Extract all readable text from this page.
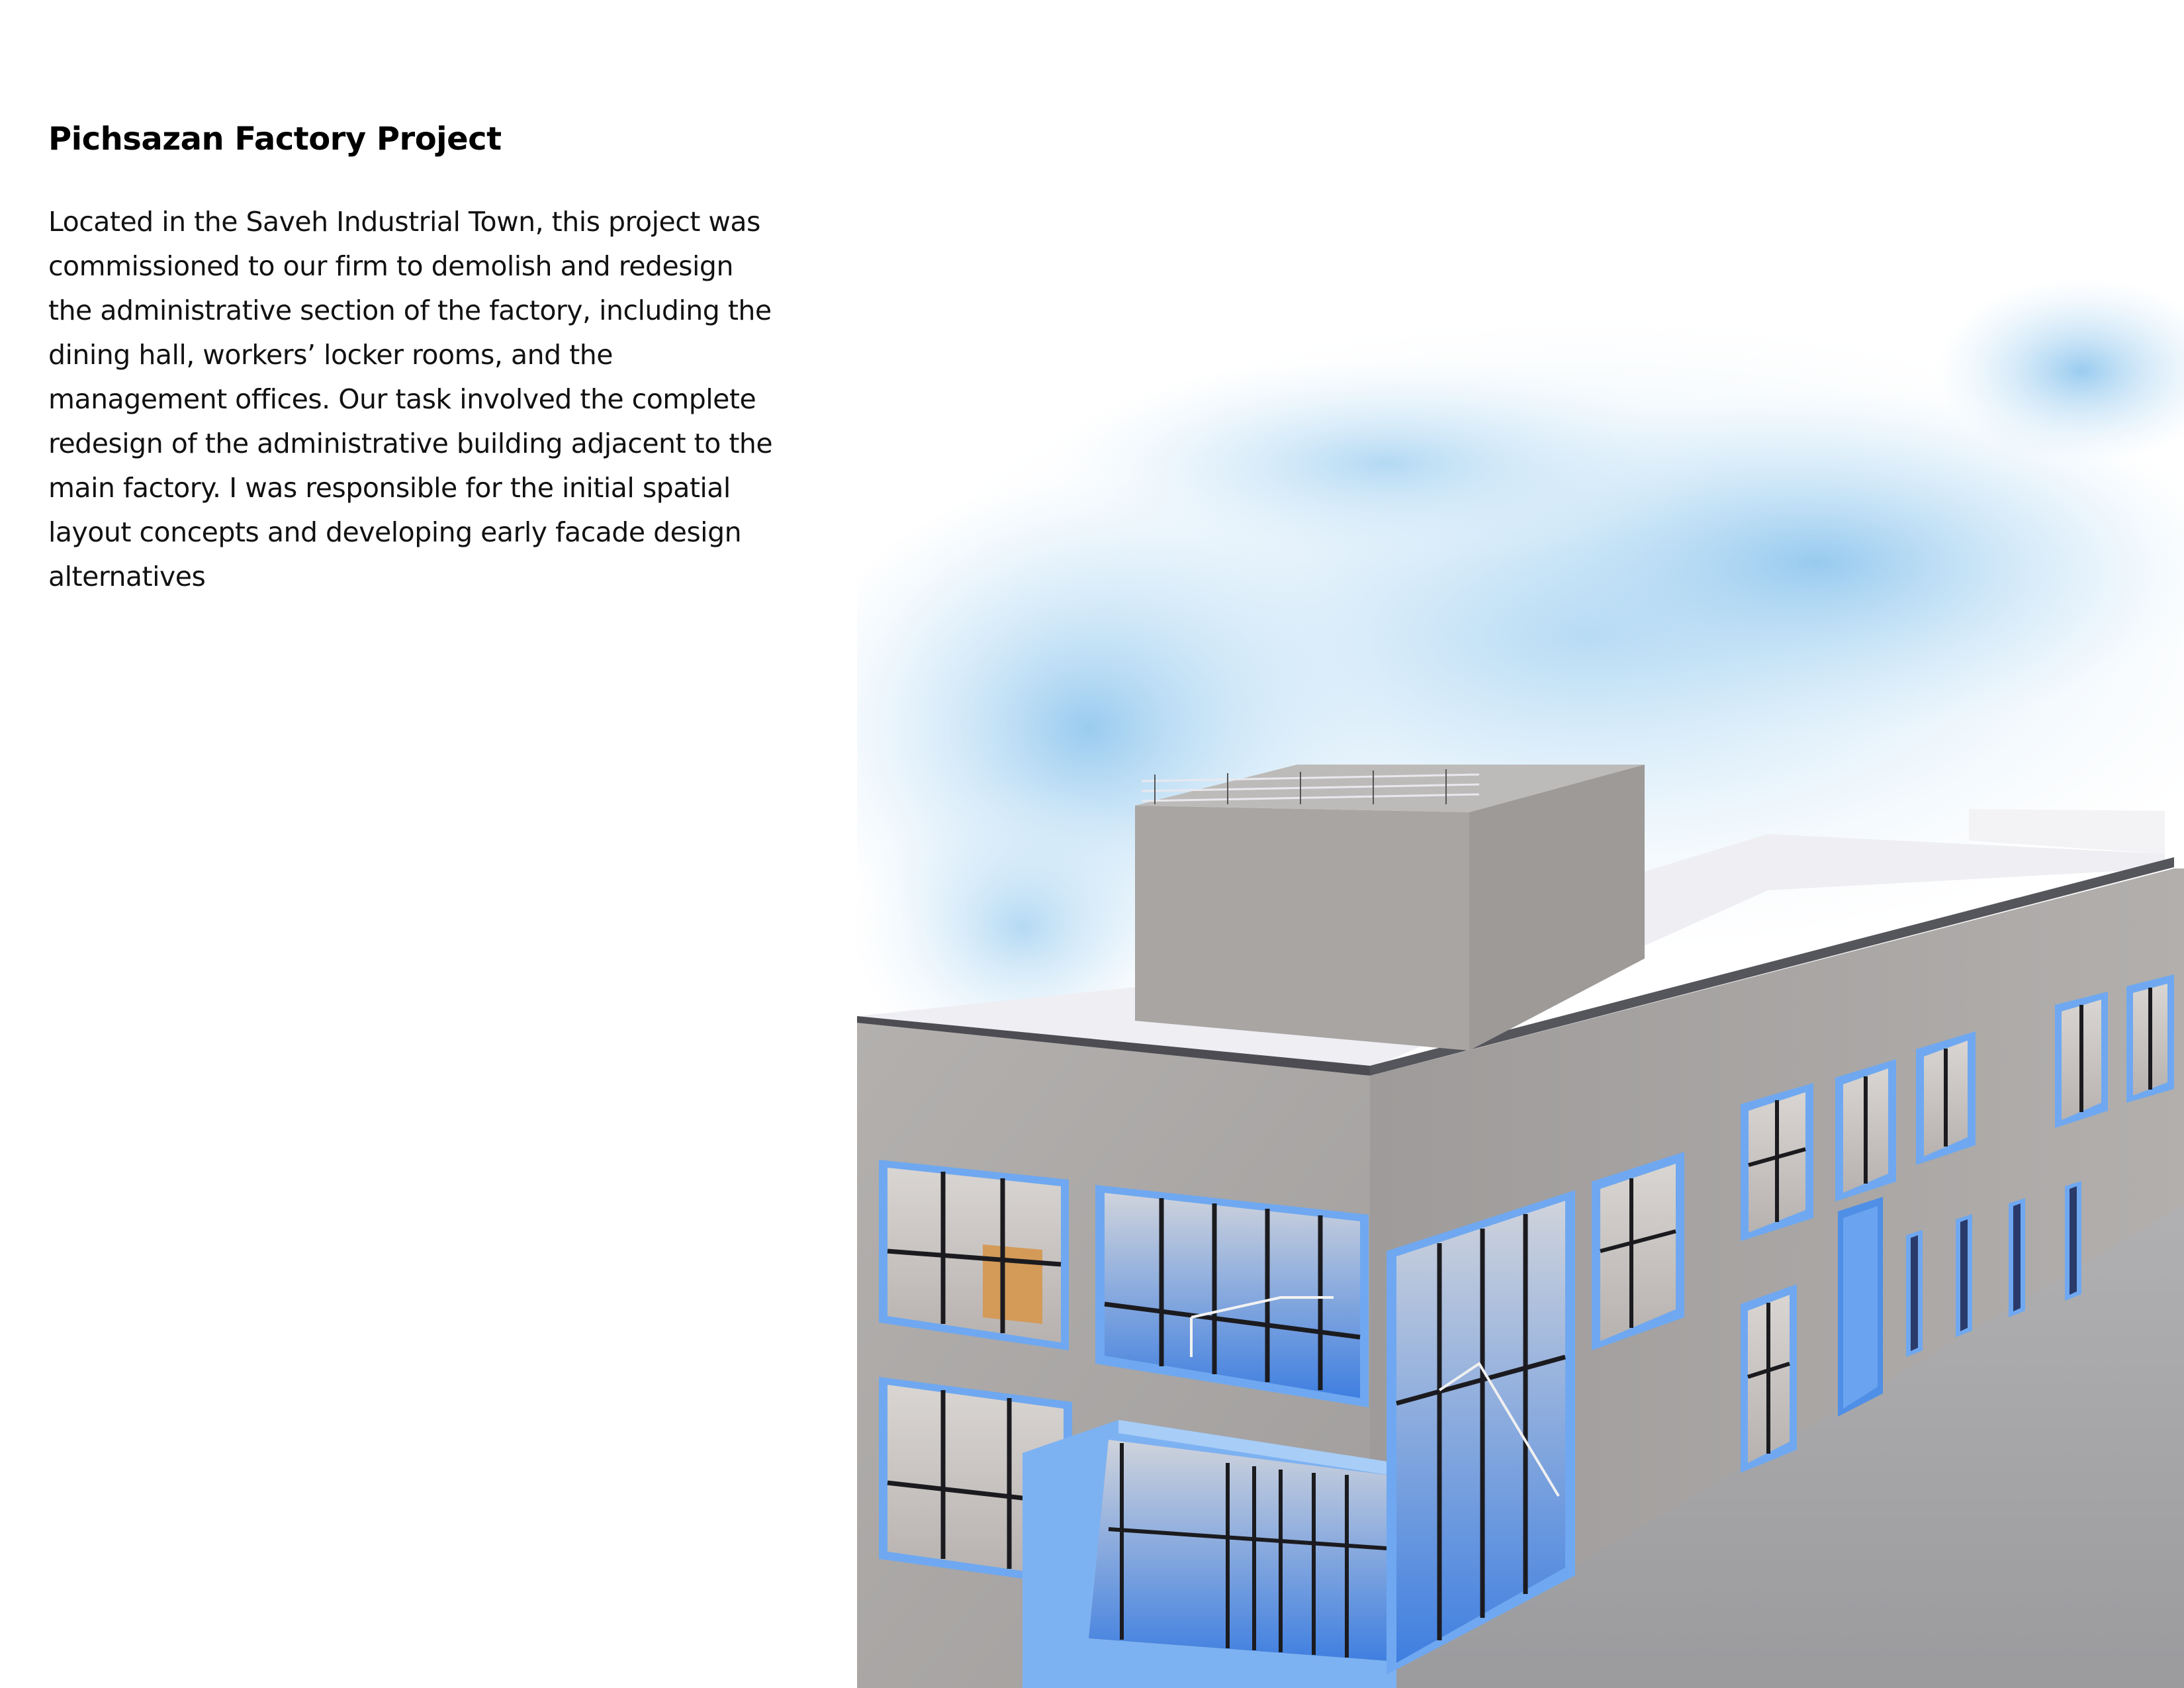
Pichsazan Factory Project

Located in the Saveh Industrial Town, this project was commissioned to our firm to demolish and redesign the administrative section of the factory, including the dining hall, workers’ locker rooms, and the management offices. Our task involved the complete redesign of the administrative building adjacent to the main factory. I was responsible for the initial spatial layout concepts and developing early facade design alternatives
